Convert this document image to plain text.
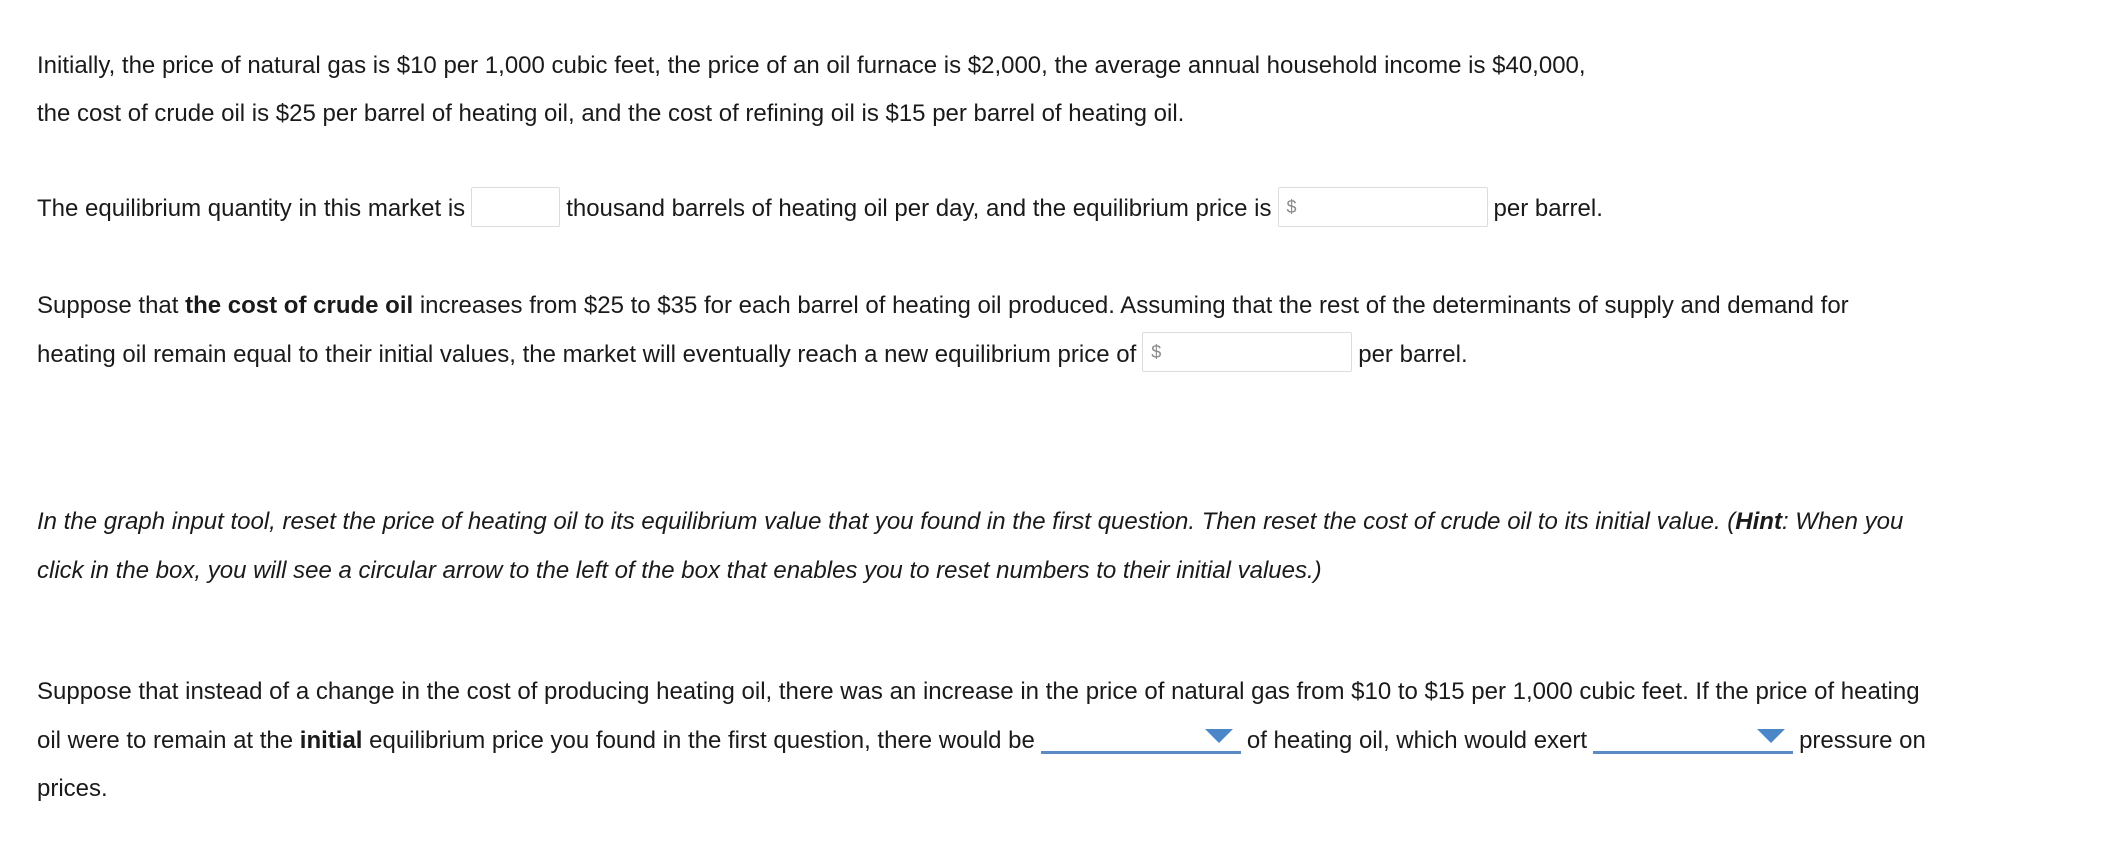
Initially, the price of natural gas is $10 per 1,000 cubic feet, the price of an oil furnace is $2,000, the average annual household income is $40,000,
the cost of crude oil is $25 per barrel of heating oil, and the cost of refining oil is $15 per barrel of heating oil.

The equilibrium quantity in this market is	thousand barrels of heating oil per day, and the equilibrium price is $	per barrel.

Suppose that the cost of crude oil increases from $25 to $35 for each barrel of heating oil produced. Assuming that the rest of the determinants of supply and demand for heating oil remain equal to their initial values, the market will eventually reach a new equilibrium price of $	per barrel.

In the graph input tool, reset the price of heating oil to its equilibrium value that you found in the first question. Then reset the cost of crude oil to its initial value. (Hint: When you click in the box, you will see a circular arrow to the left of the box that enables you to reset numbers to their initial values.)

Suppose that instead of a change in the cost of producing heating oil, there was an increase in the price of natural gas from $10 to $15 per 1,000 cubic feet. If the price of heating oil were to remain at the initial equilibrium price you found in the first question, there would be	of heating oil, which would exert	pressure on prices.
